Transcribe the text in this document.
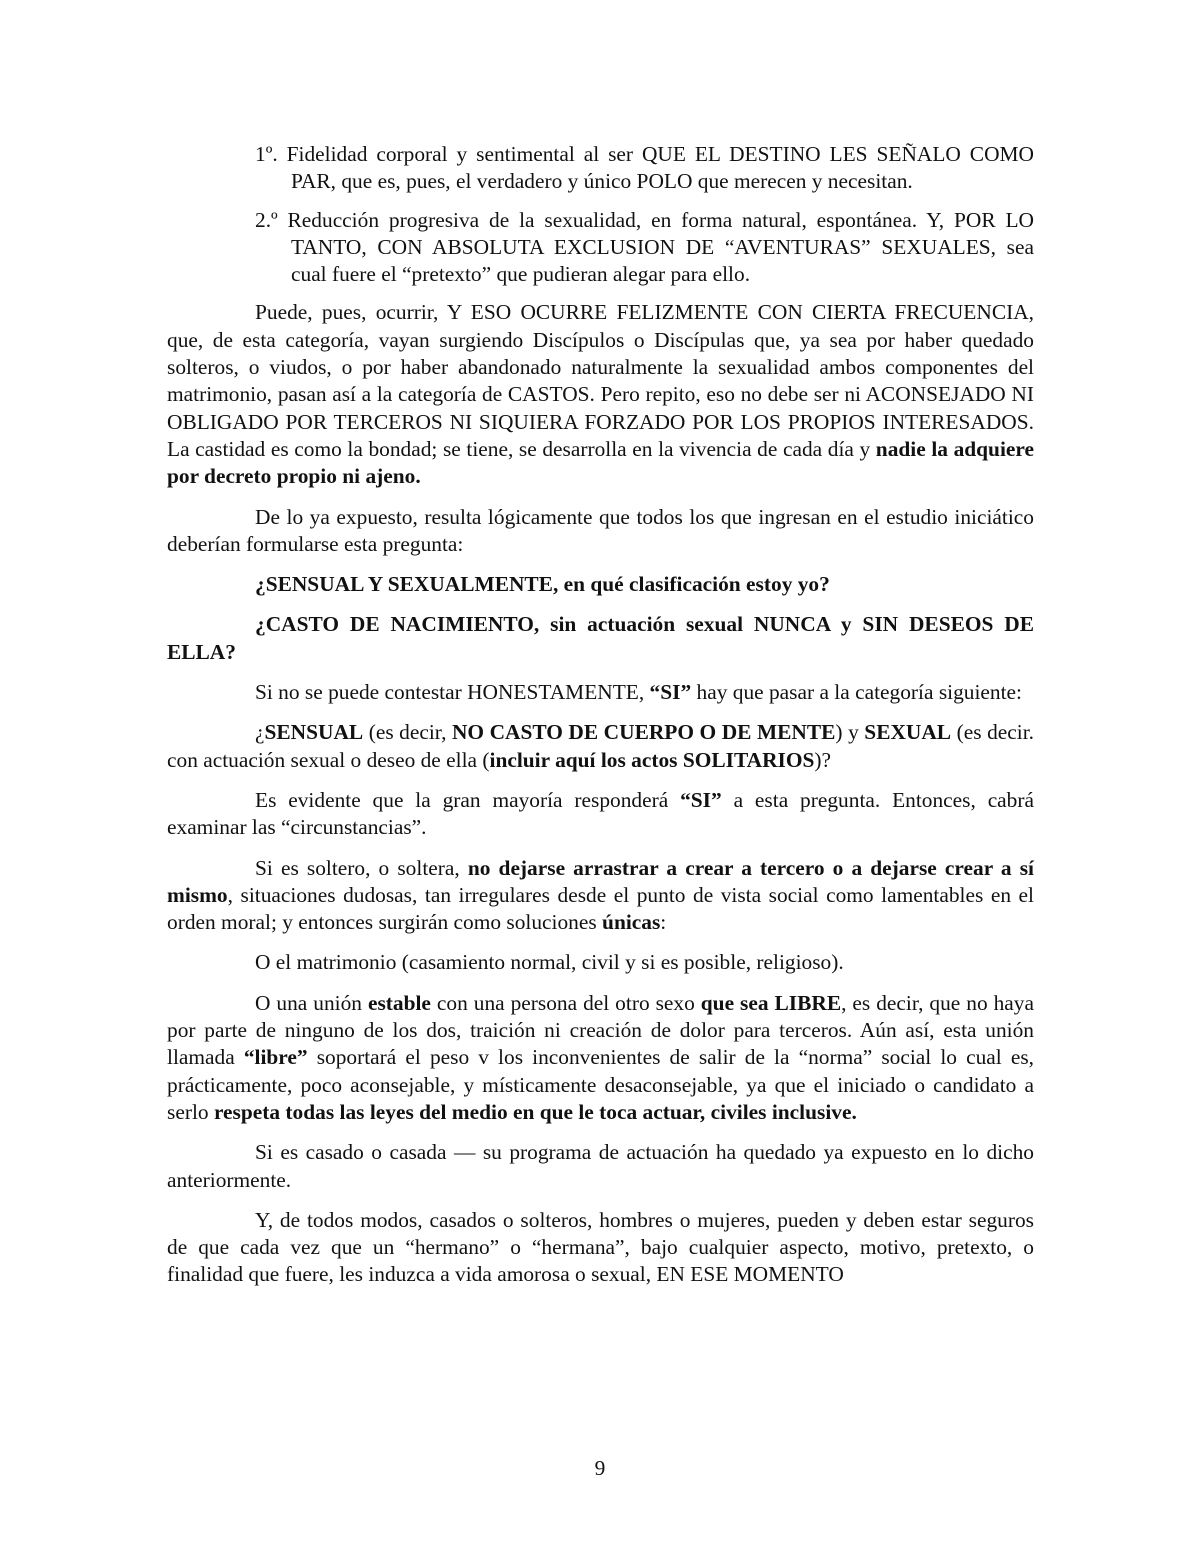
1º. Fidelidad corporal y sentimental al ser QUE EL DESTINO LES SEÑALO COMO PAR, que es, pues, el verdadero y único POLO que merecen y necesitan.

2.º Reducción progresiva de la sexualidad, en forma natural, espontánea. Y, POR LO TANTO, CON ABSOLUTA EXCLUSION DE “AVENTURAS” SEXUALES, sea cual fuere el “pretexto” que pudieran alegar para ello.

Puede, pues, ocurrir, Y ESO OCURRE FELIZMENTE CON CIERTA FRECUENCIA, que, de esta categoría, vayan surgiendo Discípulos o Discípulas que, ya sea por haber quedado solteros, o viudos, o por haber abandonado naturalmente la sexualidad ambos componentes del matrimonio, pasan así a la categoría de CASTOS. Pero repito, eso no debe ser ni ACONSEJADO NI OBLIGADO POR TERCEROS NI SIQUIERA FORZADO POR LOS PROPIOS INTERESADOS. La castidad es como la bondad; se tiene, se desarrolla en la vivencia de cada día y nadie la adquiere por decreto propio ni ajeno.

De lo ya expuesto, resulta lógicamente que todos los que ingresan en el estudio iniciático deberían formularse esta pregunta:

¿SENSUAL Y SEXUALMENTE, en qué clasificación estoy yo?

¿CASTO DE NACIMIENTO, sin actuación sexual NUNCA y SIN DESEOS DE ELLA?

Si no se puede contestar HONESTAMENTE, “SI” hay que pasar a la categoría siguiente:

¿SENSUAL (es decir, NO CASTO DE CUERPO O DE MENTE) y SEXUAL (es decir. con actuación sexual o deseo de ella (incluir aquí los actos SOLITARIOS)?

Es evidente que la gran mayoría responderá “SI” a esta pregunta. Entonces, cabrá examinar las “circunstancias”.

Si es soltero, o soltera, no dejarse arrastrar a crear a tercero o a dejarse crear a sí mismo, situaciones dudosas, tan irregulares desde el punto de vista social como lamentables en el orden moral; y entonces surgirán como soluciones únicas:

O el matrimonio (casamiento normal, civil y si es posible, religioso).

O una unión estable con una persona del otro sexo que sea LIBRE, es decir, que no haya por parte de ninguno de los dos, traición ni creación de dolor para terceros. Aún así, esta unión llamada “libre” soportará el peso v los inconvenientes de salir de la “norma” social lo cual es, prácticamente, poco aconsejable, y místicamente desaconsejable, ya que el iniciado o candidato a serlo respeta todas las leyes del medio en que le toca actuar, civiles inclusive.

Si es casado o casada — su programa de actuación ha quedado ya expuesto en lo dicho anteriormente.

Y, de todos modos, casados o solteros, hombres o mujeres, pueden y deben estar seguros de que cada vez que un “hermano” o “hermana”, bajo cualquier aspecto, motivo, pretexto, o finalidad que fuere, les induzca a vida amorosa o sexual, EN ESE MOMENTO

9
